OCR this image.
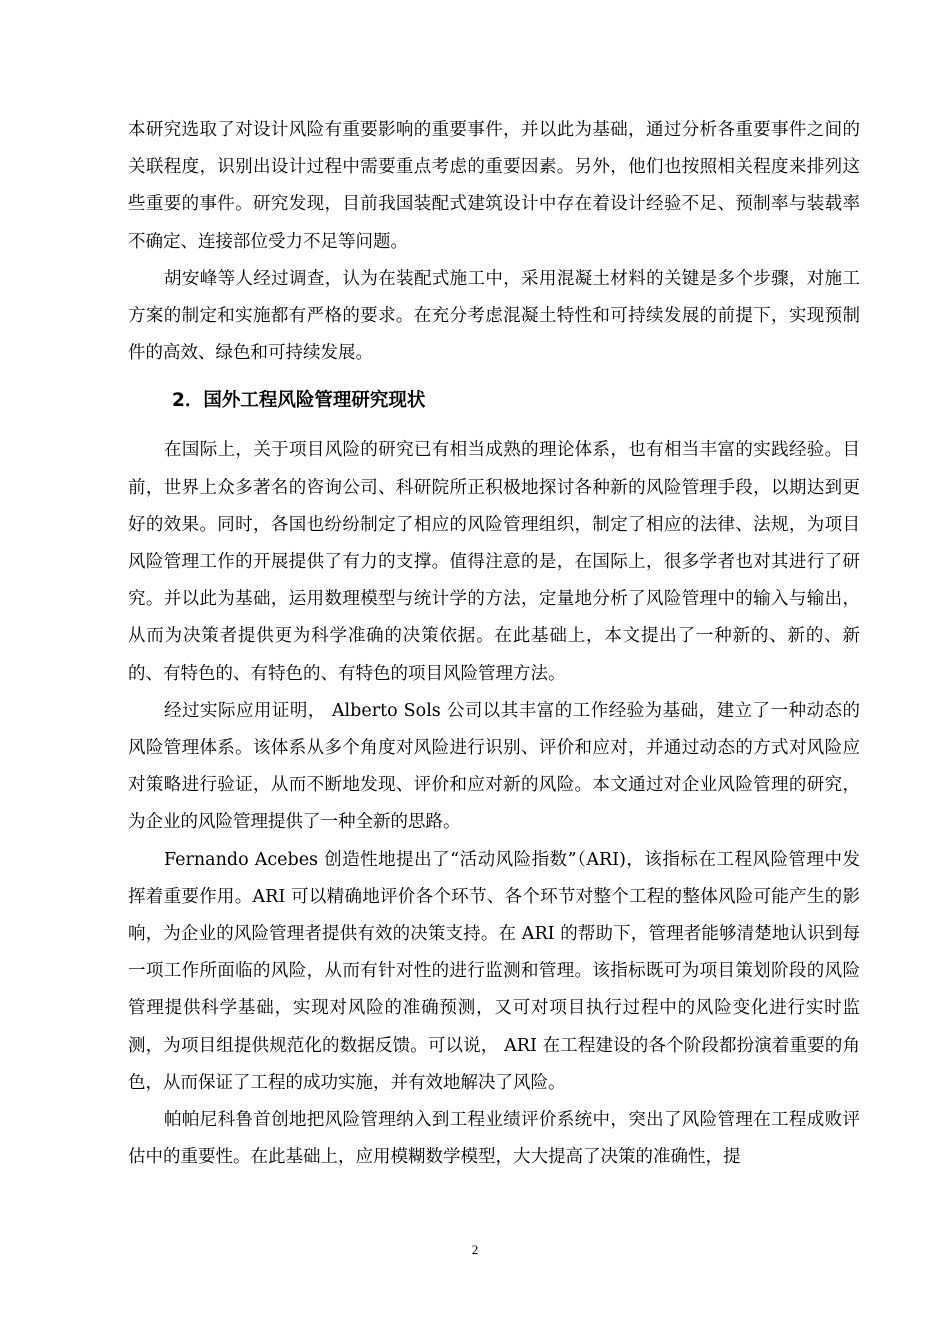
本研究选取了对设计风险有重要影响的重要事件，并以此为基础，通过分析各重要事件之间的关联程度，识别出设计过程中需要重点考虑的重要因素。另外，他们也按照相关程度来排列这些重要的事件。研究发现，目前我国装配式建筑设计中存在着设计经验不足、预制率与装载率不确定、连接部位受力不足等问题。

胡安峰等人经过调查，认为在装配式施工中，采用混凝土材料的关键是多个步骤，对施工方案的制定和实施都有严格的要求。在充分考虑混凝土特性和可持续发展的前提下，实现预制件的高效、绿色和可持续发展。

2．国外工程风险管理研究现状

在国际上，关于项目风险的研究已有相当成熟的理论体系，也有相当丰富的实践经验。目前，世界上众多著名的咨询公司、科研院所正积极地探讨各种新的风险管理手段，以期达到更好的效果。同时，各国也纷纷制定了相应的风险管理组织，制定了相应的法律、法规，为项目风险管理工作的开展提供了有力的支撑。值得注意的是，在国际上，很多学者也对其进行了研究。并以此为基础，运用数理模型与统计学的方法，定量地分析了风险管理中的输入与输出，从而为决策者提供更为科学准确的决策依据。在此基础上，本文提出了一种新的、新的、新的、有特色的、有特色的、有特色的项目风险管理方法。

经过实际应用证明， Alberto Sols 公司以其丰富的工作经验为基础，建立了一种动态的风险管理体系。该体系从多个角度对风险进行识别、评价和应对，并通过动态的方式对风险应对策略进行验证，从而不断地发现、评价和应对新的风险。本文通过对企业风险管理的研究，为企业的风险管理提供了一种全新的思路。

Fernando Acebes 创造性地提出了“活动风险指数”（ARI)，该指标在工程风险管理中发挥着重要作用。ARI 可以精确地评价各个环节、各个环节对整个工程的整体风险可能产生的影响，为企业的风险管理者提供有效的决策支持。在 ARI 的帮助下，管理者能够清楚地认识到每一项工作所面临的风险，从而有针对性的进行监测和管理。该指标既可为项目策划阶段的风险管理提供科学基础，实现对风险的准确预测，又可对项目执行过程中的风险变化进行实时监测，为项目组提供规范化的数据反馈。可以说， ARI 在工程建设的各个阶段都扮演着重要的角色，从而保证了工程的成功实施，并有效地解决了风险。

帕帕尼科鲁首创地把风险管理纳入到工程业绩评价系统中，突出了风险管理在工程成败评估中的重要性。在此基础上，应用模糊数学模型，大大提高了决策的准确性，提

2
